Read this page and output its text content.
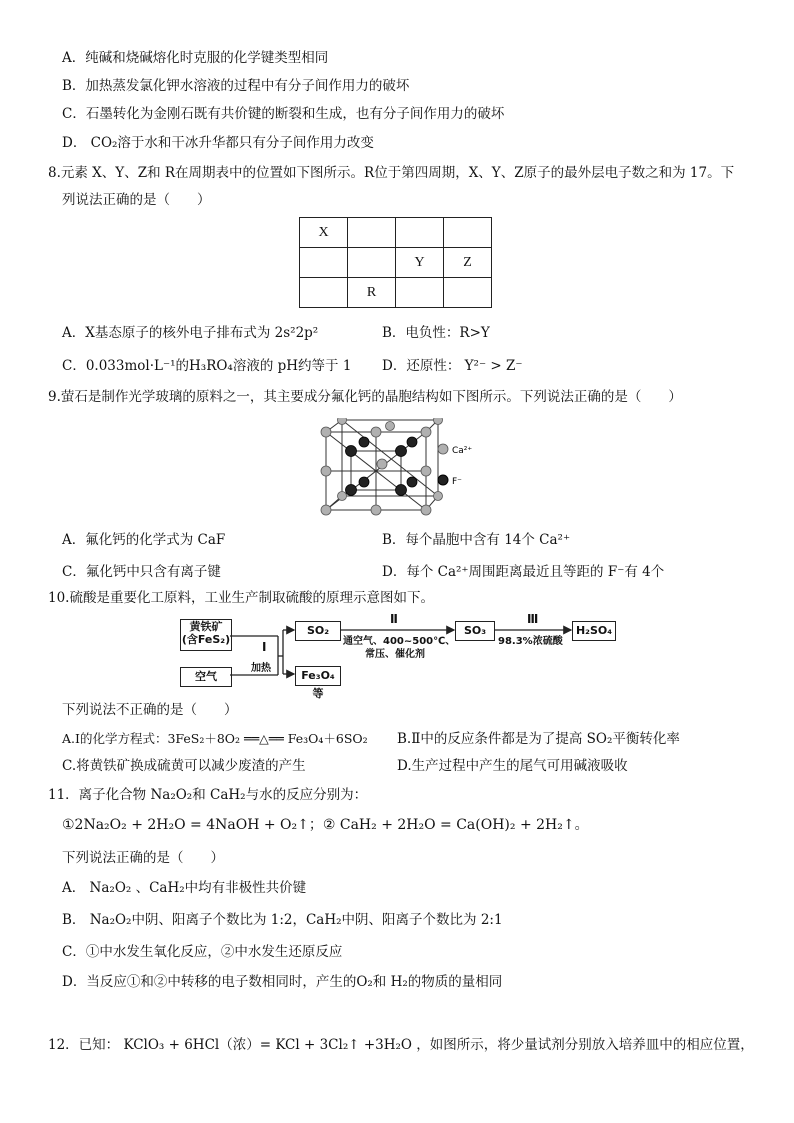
A．纯碱和烧碱熔化时克服的化学键类型相同
B．加热蒸发氯化钾水溶液的过程中有分子间作用力的破坏
C．石墨转化为金刚石既有共价键的断裂和生成，也有分子间作用力的破坏
D． CO₂溶于水和干冰升华都只有分子间作用力改变
8.元素 X、Y、Z和 R在周期表中的位置如下图所示。R位于第四周期，X、Y、Z原子的最外层电子数之和为 17。下
列说法正确的是（　　）
X			
		Y	Z
	R		
A．X基态原子的核外电子排布式为 2s²2p²	B．电负性：R>Y
C．0.033mol·L⁻¹的H₃RO₄溶液的 pH约等于 1 D．还原性： Y²⁻ > Z⁻
9.萤石是制作光学玻璃的原料之一，其主要成分氟化钙的晶胞结构如下图所示。下列说法正确的是（　　）
Ca²⁺
F⁻
A．氟化钙的化学式为 CaF	B．每个晶胞中含有 14个 Ca²⁺
C．氟化钙中只含有离子键	D．每个 Ca²⁺周围距离最近且等距的 F⁻有 4个
10.硫酸是重要化工原料，工业生产制取硫酸的原理示意图如下。
黄铁矿
(含FeS₂)
空气
SO₂
Fe₃O₄等
SO₃	H₂SO₄
Ⅰ
加热
Ⅱ
通空气、400~500℃、
常压、催化剂
Ⅲ
98.3%浓硫酸
下列说法不正确的是（　　）
A.Ⅰ的化学方程式：3FeS₂＋8O₂ ══△══ Fe₃O₄＋6SO₂ B.Ⅱ中的反应条件都是为了提高 SO₂平衡转化率
C.将黄铁矿换成硫黄可以减少废渣的产生	D.生产过程中产生的尾气可用碱液吸收
11．离子化合物 Na₂O₂和 CaH₂与水的反应分别为：
①2Na₂O₂ + 2H₂O = 4NaOH + O₂↑；② CaH₂ + 2H₂O = Ca(OH)₂ + 2H₂↑。
下列说法正确的是（　　）
A． Na₂O₂ 、CaH₂中均有非极性共价键
B． Na₂O₂中阴、阳离子个数比为 1:2，CaH₂中阴、阳离子个数比为 2:1
C．①中水发生氧化反应，②中水发生还原反应
D．当反应①和②中转移的电子数相同时，产生的O₂和 H₂的物质的量相同
12．已知： KClO₃ + 6HCl（浓）= KCl + 3Cl₂↑ +3H₂O ，如图所示，将少量试剂分别放入培养皿中的相应位置，
